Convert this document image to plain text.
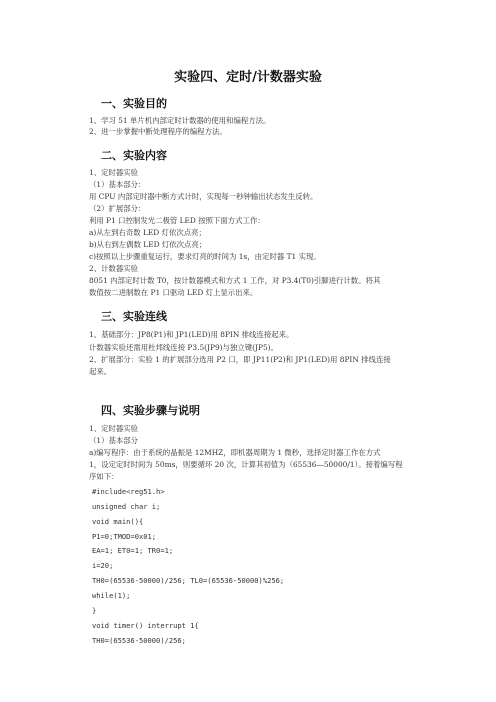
实验四、定时/计数器实验
一、实验目的
1、学习 51 单片机内部定时计数器的使用和编程方法。
2、进一步掌握中断处理程序的编程方法。
二、实验内容
1、定时器实验
（1）基本部分：
用 CPU 内部定时器中断方式计时，实现每一秒钟输出状态发生反转。
（2）扩展部分：
利用 P1 口控制发光二极管 LED 按照下面方式工作：
a)从左到右奇数 LED 灯依次点亮；
b)从右到左偶数 LED 灯依次点亮；
c)按照以上步骤重复运行，要求灯亮的时间为 1s，由定时器 T1 实现。
2、计数器实验
8051 内部定时计数 T0，按计数器模式和方式 1 工作，对 P3.4(T0)引脚进行计数。将其
数值按二进制数在 P1 口驱动 LED 灯上显示出来。
三、实验连线
1、基础部分：JP8(P1)和 JP1(LED)用 8PIN 排线连接起来。
计数器实验还需用杜邦线连接 P3.5(JP9)与独立键(JP5)。
2、扩展部分：实验 1 的扩展部分选用 P2 口，即 JP11(P2)和 JP1(LED)用 8PIN 排线连接
起来。
四、实验步骤与说明
1、定时器实验
（1）基本部分
a)编写程序：由于系统的晶振是 12MHZ，即机器周期为 1 微秒，选择定时器工作在方式
1，设定定时时间为 50ms，则要循环 20 次，计算其初值为（65536—50000/1）。接着编写程
序如下：
#include<reg51.h>
unsigned char i;
void main(){
P1=0;TMOD=0x01;
EA=1; ET0=1; TR0=1;
i=20;
TH0=(65536-50000)/256; TL0=(65536-50000)%256;
while(1);
}
void timer() interrupt 1{
TH0=(65536-50000)/256;
